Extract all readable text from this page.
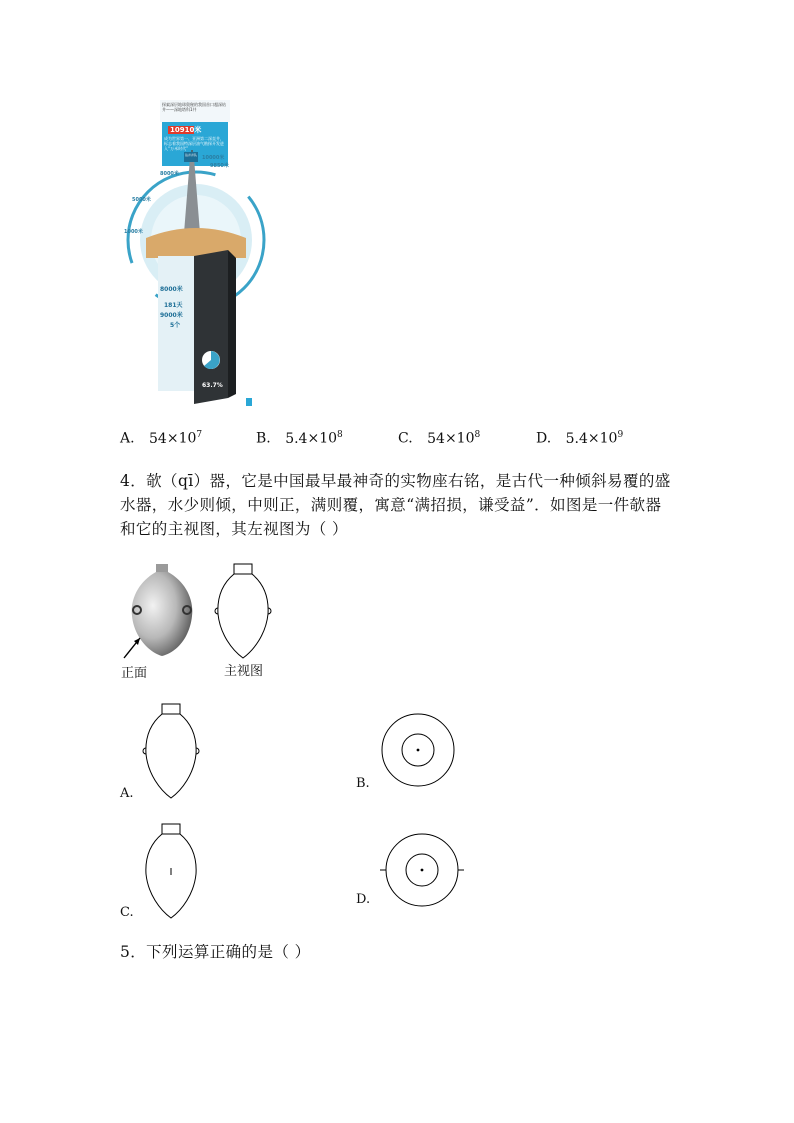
探索深层地球奥秘的我国首口超深钻井——深地塔科1井
10910米
成为世界第一、亚洲第二深直井，标志着我国特深层油气勘探开发进入“万米时代”
钻井井队 10000米
9850米
8000米
5000米
1000米
8000米
181天
9000米
5个
63.7%
A. $54\times 10^7$	B. $5.4\times 10^8$	C. $54\times 10^8$	D. $5.4\times 10^9$
4．欹（qī）器，它是中国最早最神奇的实物座右铭，是古代一种倾斜易覆的盛
水器，水少则倾，中则正，满则覆，寓意“满招损，谦受益”．如图是一件欹器
和它的主视图，其左视图为（ ）
正面	主视图
A.
B.
C.
D.
5．下列运算正确的是（ ）
